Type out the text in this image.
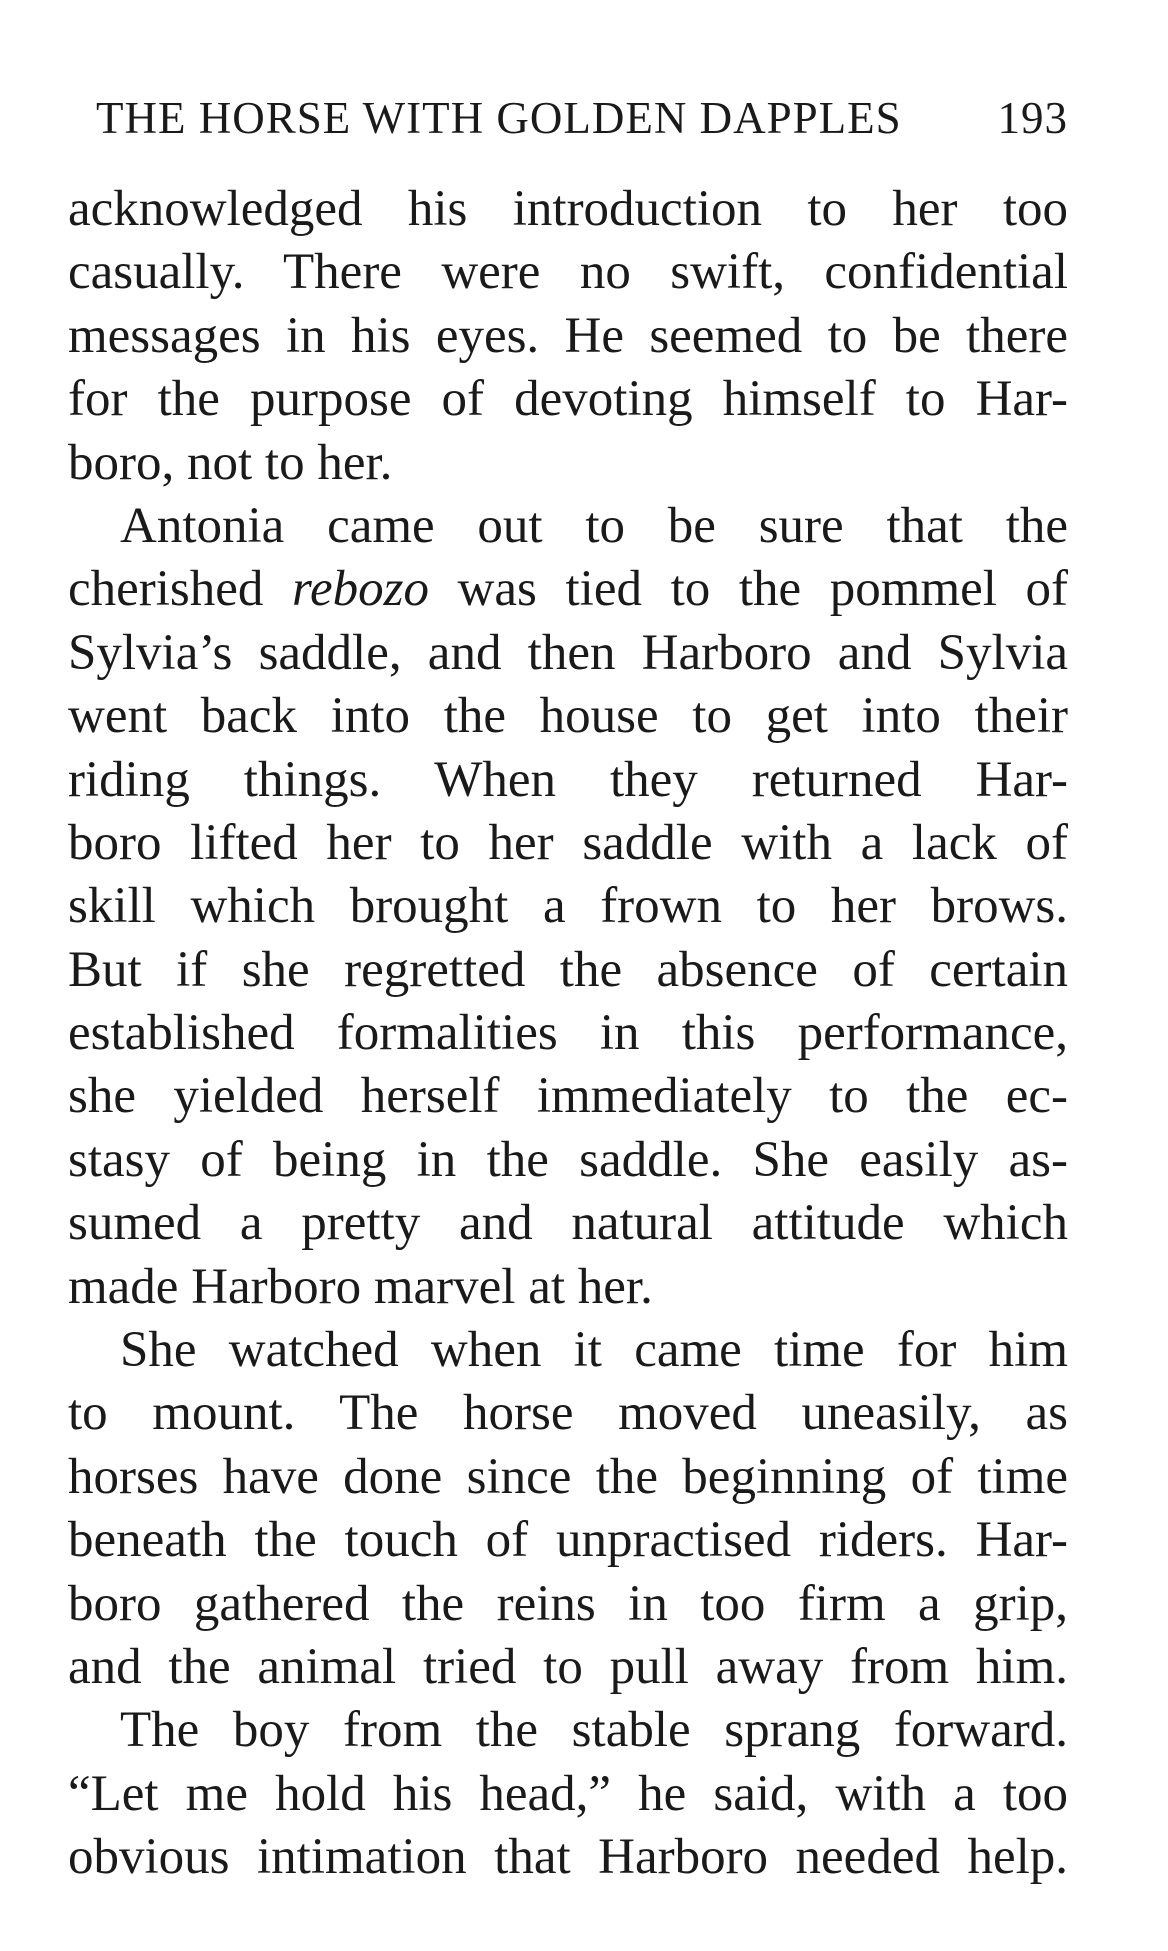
THE HORSE WITH GOLDEN DAPPLES 193
acknowledged his introduction to her too
casually. There were no swift, confidential
messages in his eyes. He seemed to be there
for the purpose of devoting himself to Har-
boro, not to her.
Antonia came out to be sure that the
cherished rebozo was tied to the pommel of
Sylvia’s saddle, and then Harboro and Sylvia
went back into the house to get into their
riding things. When they returned Har-
boro lifted her to her saddle with a lack of
skill which brought a frown to her brows.
But if she regretted the absence of certain
established formalities in this performance,
she yielded herself immediately to the ec-
stasy of being in the saddle. She easily as-
sumed a pretty and natural attitude which
made Harboro marvel at her.
She watched when it came time for him
to mount. The horse moved uneasily, as
horses have done since the beginning of time
beneath the touch of unpractised riders. Har-
boro gathered the reins in too firm a grip,
and the animal tried to pull away from him.
The boy from the stable sprang forward.
“Let me hold his head,” he said, with a too
obvious intimation that Harboro needed help.
